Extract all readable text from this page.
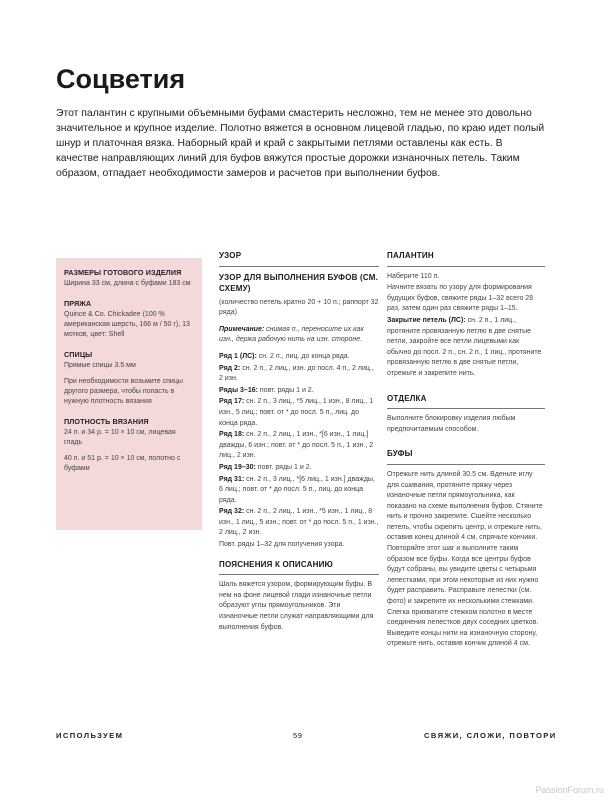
Соцветия

Этот палантин с крупными объемными буфами смастерить несложно, тем не менее это довольно значительное и крупное изделие. Полотно вяжется в основном лицевой гладью, по краю идет полый шнур и платочная вязка. Наборный край и край с закрытыми петлями оставлены как есть. В качестве направляющих линий для буфов вяжутся простые дорожки изнаночных петель. Таким образом, отпадает необходимости замеров и расчетов при выполнении буфов.

РАЗМЕРЫ ГОТОВОГО ИЗДЕЛИЯ

Ширина 33 см, длина с буфами 183 см

ПРЯЖА

Quince & Co. Chickadee (100 % американская шерсть, 166 м / 50 г), 13 мотков, цвет: Shell

СПИЦЫ

Прямые спицы 3.5 мм

При необходимости возьмите спицы другого размера, чтобы попасть в нужную плотность вязания

ПЛОТНОСТЬ ВЯЗАНИЯ

24 п. и 34 р. = 10 × 10 см, лицевая гладь

40 п. и 51 р. = 10 × 10 см, полотно с буфами

УЗОР
УЗОР ДЛЯ ВЫПОЛНЕНИЯ БУФОВ (СМ. СХЕМУ)

(количество петель кратно 20 + 10 п.; раппорт 32 ряда)

Примечание: снимая п., переносите их как изн., держа рабочую нить на изн. стороне.

Ряд 1 (ЛС): сн. 2 п., лиц. до конца ряда.

Ряд 2: сн. 2 п., 2 лиц., изн. до посл. 4 п., 2 лиц., 2 изн.

Ряды 3–16: повт. ряды 1 и 2.

Ряд 17: сн. 2 п., 3 лиц., *5 лиц., 1 изн., 8 лиц., 1 изн., 5 лиц.; повт. от * до посл. 5 п., лиц. до конца ряда.

Ряд 18: сн. 2 п., 2 лиц., 1 изн., *[6 изн., 1 лиц.] дважды, 6 изн.; повт. от * до посл. 5 п., 1 изн., 2 лиц., 2 изн.

Ряд 19–30: повт. ряды 1 и 2.

Ряд 31: сн. 2 п., 3 лиц., *[6 лиц., 1 изн.] дважды, 6 лиц.; повт. от * до посл. 5 п., лиц. до конца ряда.

Ряд 32: сн. 2 п., 2 лиц., 1 изн., *5 изн., 1 лиц., 8 изн., 1 лиц., 5 изн.; повт. от * до посл. 5 п., 1 изн., 2 лиц., 2 изн.

Повт. ряды 1–32 для получения узора.

ПОЯСНЕНИЯ К ОПИСАНИЮ

Шаль вяжется узором, формирующим буфы. В нем на фоне лицевой глади изнаночные петли образуют углы прямоугольников. Эти изнаночные петли служат направляющими для выполнения буфов.

ПАЛАНТИН

Наберите 110 п.

Начните вязать по узору для формирования будущих буфов, свяжите ряды 1–32 всего 28 раз, затем один раз свяжите ряды 1–15.

Закрытие петель (ЛС): сн. 2 п., 1 лиц., протяните провязанную петлю в две снятые петли, закройте все петли лицевыми как обычно до посл. 2 п., сн. 2 п., 1 лиц., протяните провязанную петлю в две снятые петли, отрежьте и закрепите нить.

ОТДЕЛКА

Выполните блокировку изделия любым предпочитаемым способом.

БУФЫ

Отрежьте нить длиной 30.5 см. Вденьте иглу для сшивания, протяните пряжу через изнаночные петли прямоугольника, как показано на схеме выполнения буфов. Стяните нить и прочно закрепите. Сшейте несколько петель, чтобы скрепить центр, и отрежьте нить, оставив конец длиной 4 см, спрячьте кончики. Повторяйте этот шаг и выполните таким образом все буфы. Когда все центры буфов будут собраны, вы увидите цветы с четырьмя лепестками, при этом некоторые из них нужно будет расправить. Расправьте лепестки (см. фото) и закрепите их несколькими стежками. Слегка прихватите стежком полотно в месте соединения лепестков двух соседних цветков. Выведите концы нити на изнаночную сторону, отрежьте нить, оставив кончик длиной 4 см.

ИСПОЛЬЗУЕМ	59	СВЯЖИ, СЛОЖИ, ПОВТОРИ
PassionForum.ru
